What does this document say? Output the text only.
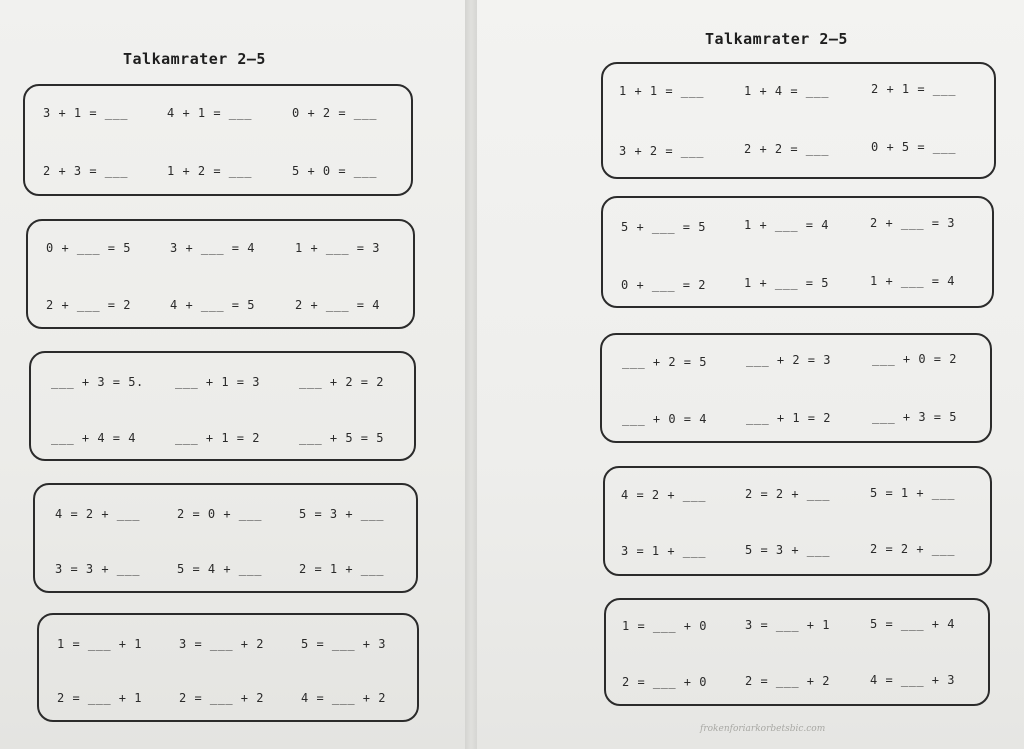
Talkamrater 2–5
Talkamrater 2–5
3 + 1 = ___	4 + 1 = ___	0 + 2 = ___
2 + 3 = ___	1 + 2 = ___	5 + 0 = ___
0 + ___ = 5	3 + ___ = 4	1 + ___ = 3
2 + ___ = 2	4 + ___ = 5	2 + ___ = 4
___ + 3 = 5.	___ + 1 = 3	___ + 2 = 2
___ + 4 = 4	___ + 1 = 2	___ + 5 = 5
4 = 2 + ___	2 = 0 + ___	5 = 3 + ___
3 = 3 + ___	5 = 4 + ___	2 = 1 + ___
1 = ___ + 1	3 = ___ + 2	5 = ___ + 3
2 = ___ + 1	2 = ___ + 2	4 = ___ + 2
1 + 1 = ___	1 + 4 = ___	2 + 1 = ___
3 + 2 = ___	2 + 2 = ___	0 + 5 = ___
5 + ___ = 5	1 + ___ = 4	2 + ___ = 3
0 + ___ = 2	1 + ___ = 5	1 + ___ = 4
___ + 2 = 5	___ + 2 = 3	___ + 0 = 2
___ + 0 = 4	___ + 1 = 2	___ + 3 = 5
4 = 2 + ___	2 = 2 + ___	5 = 1 + ___
3 = 1 + ___	5 = 3 + ___	2 = 2 + ___
1 = ___ + 0	3 = ___ + 1	5 = ___ + 4
2 = ___ + 0	2 = ___ + 2	4 = ___ + 3
frokenforiarkorbetsbic.com
